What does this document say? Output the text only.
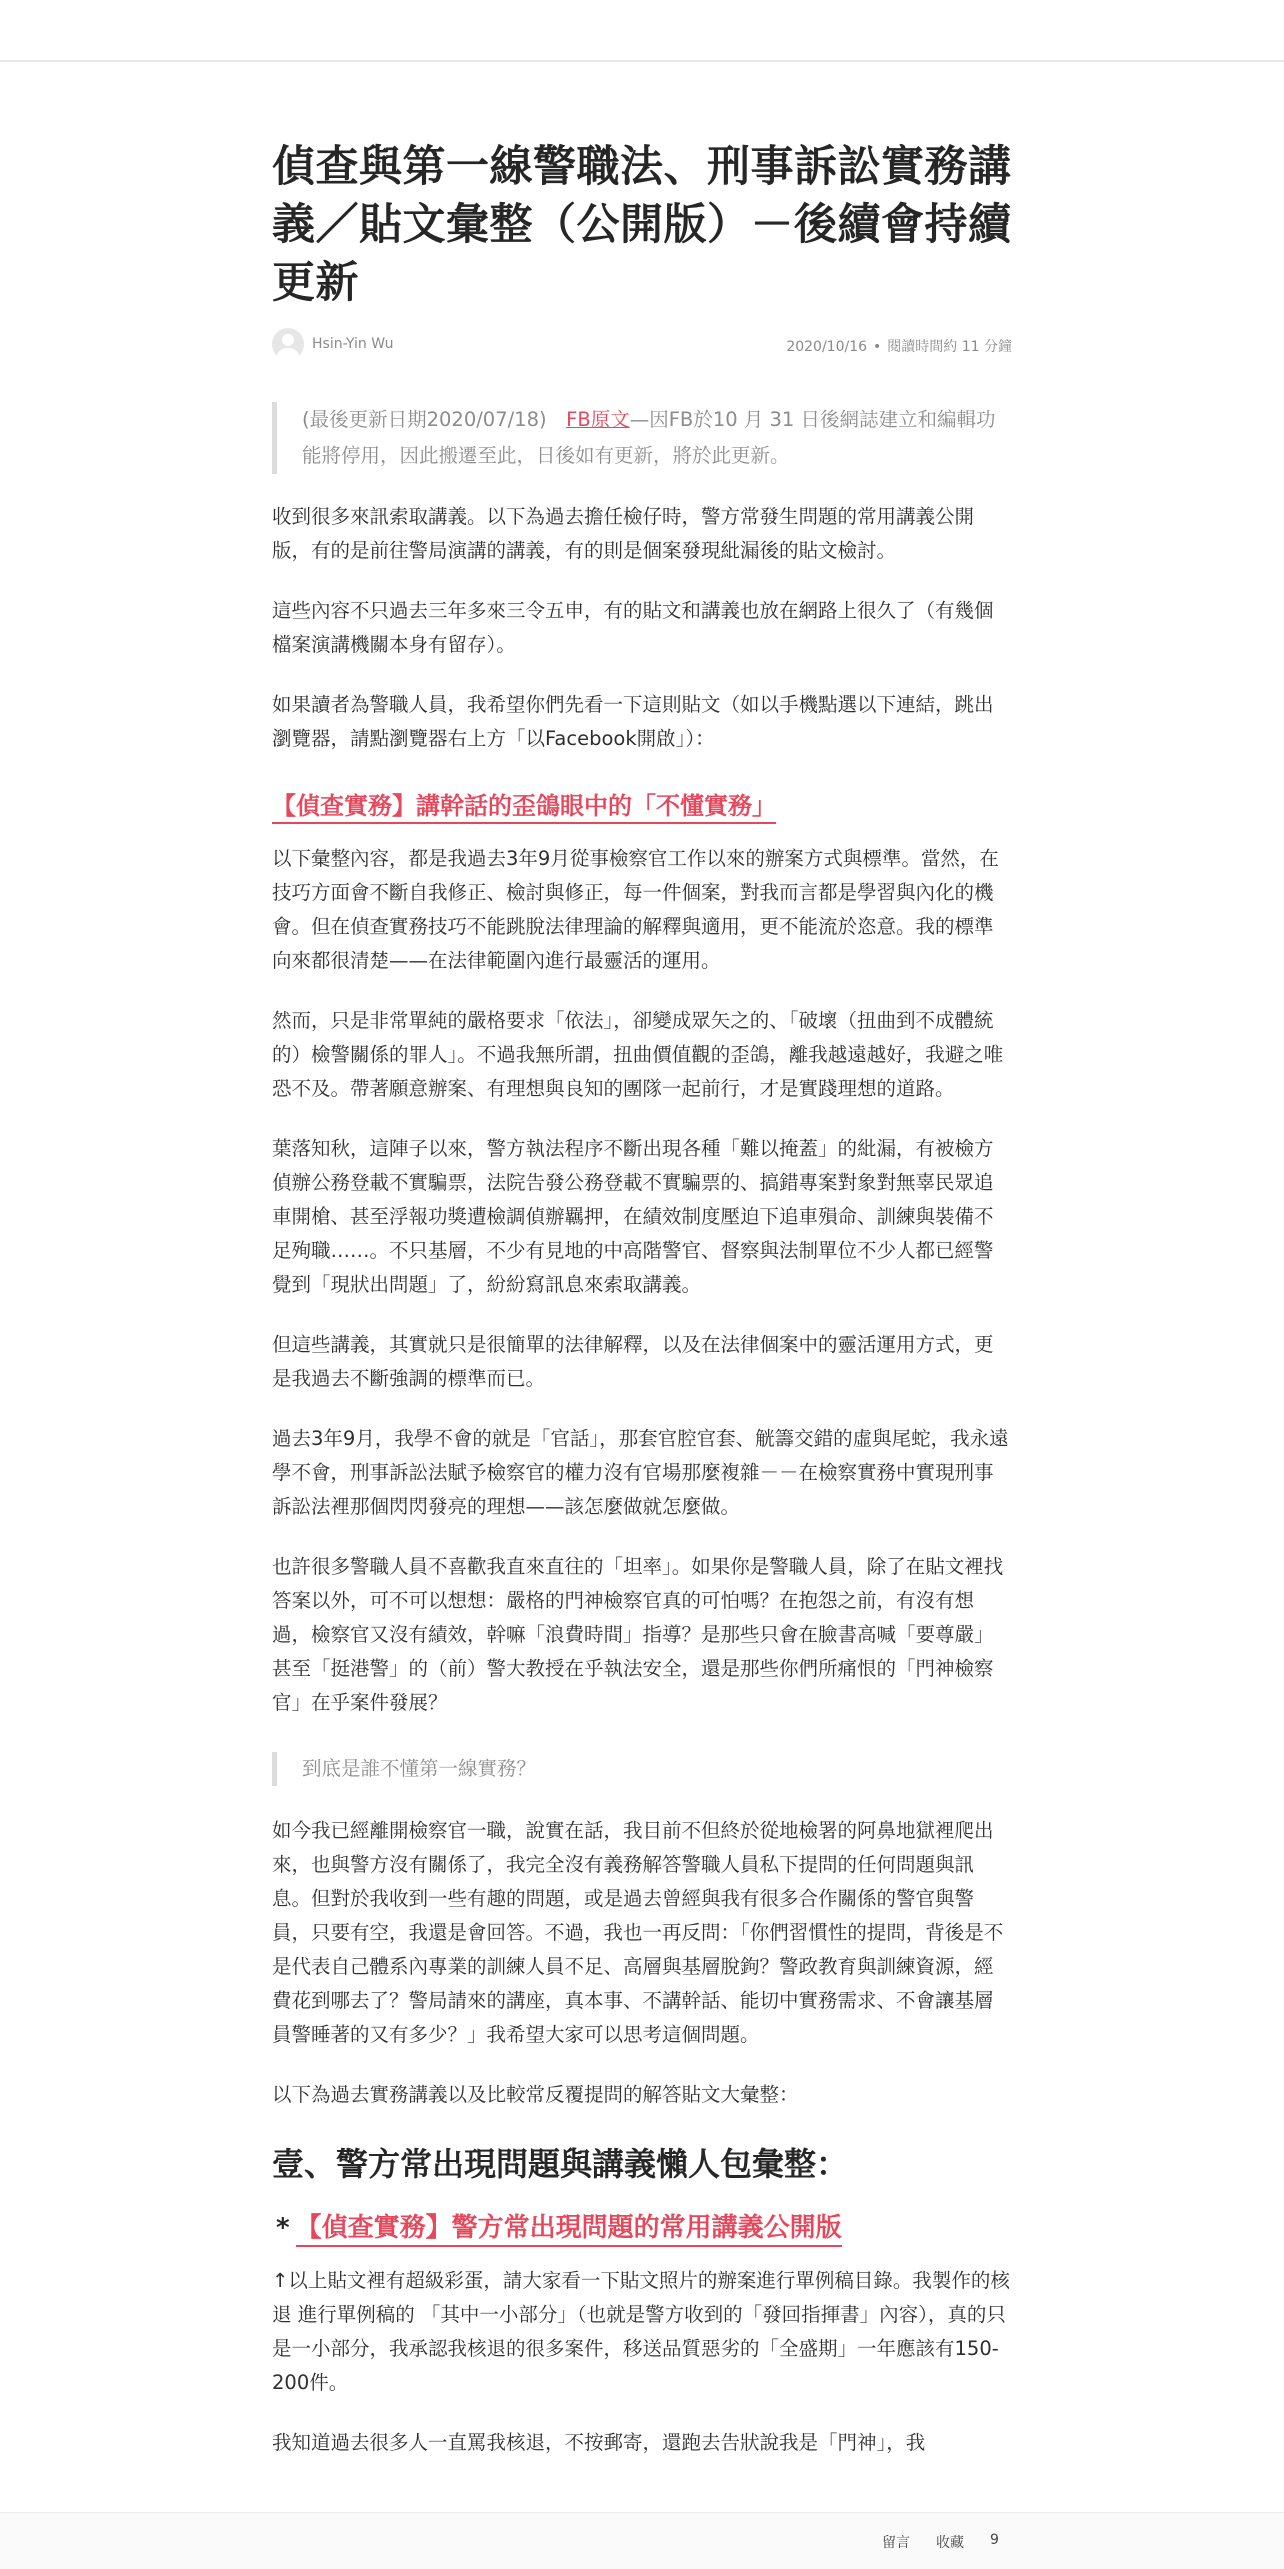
偵查與第一線警職法、刑事訴訟實務講義／貼文彙整（公開版）－後續會持續更新
Hsin-Yin Wu	2020/10/16 • 閱讀時間約 11 分鐘
(最後更新日期2020/07/18)　FB原文—因FB於10 月 31 日後網誌建立和編輯功能將停用，因此搬遷至此，日後如有更新，將於此更新。

收到很多來訊索取講義。以下為過去擔任檢仔時，警方常發生問題的常用講義公開版，有的是前往警局演講的講義，有的則是個案發現紕漏後的貼文檢討。

這些內容不只過去三年多來三令五申，有的貼文和講義也放在網路上很久了（有幾個檔案演講機關本身有留存）。

如果讀者為警職人員，我希望你們先看一下這則貼文（如以手機點選以下連結，跳出瀏覽器，請點瀏覽器右上方「以Facebook開啟」）：

【偵查實務】講幹話的歪鴿眼中的「不懂實務」

以下彙整內容，都是我過去3年9月從事檢察官工作以來的辦案方式與標準。當然，在技巧方面會不斷自我修正、檢討與修正，每一件個案，對我而言都是學習與內化的機會。但在偵查實務技巧不能跳脫法律理論的解釋與適用，更不能流於恣意。我的標準向來都很清楚——在法律範圍內進行最靈活的運用。

然而，只是非常單純的嚴格要求「依法」，卻變成眾矢之的、「破壞（扭曲到不成體統的）檢警關係的罪人」。不過我無所謂，扭曲價值觀的歪鴿，離我越遠越好，我避之唯恐不及。帶著願意辦案、有理想與良知的團隊一起前行，才是實踐理想的道路。

葉落知秋，這陣子以來，警方執法程序不斷出現各種「難以掩蓋」的紕漏，有被檢方偵辦公務登載不實騙票，法院告發公務登載不實騙票的、搞錯專案對象對無辜民眾追車開槍、甚至浮報功獎遭檢調偵辦羈押，在績效制度壓迫下追車殞命、訓練與裝備不足殉職……。不只基層，不少有見地的中高階警官、督察與法制單位不少人都已經警覺到「現狀出問題」了，紛紛寫訊息來索取講義。

但這些講義，其實就只是很簡單的法律解釋，以及在法律個案中的靈活運用方式，更是我過去不斷強調的標準而已。

過去3年9月，我學不會的就是「官話」，那套官腔官套、觥籌交錯的虛與尾蛇，我永遠學不會，刑事訴訟法賦予檢察官的權力沒有官場那麼複雜－－在檢察實務中實現刑事訴訟法裡那個閃閃發亮的理想——該怎麼做就怎麼做。

也許很多警職人員不喜歡我直來直往的「坦率」。如果你是警職人員，除了在貼文裡找答案以外，可不可以想想：嚴格的門神檢察官真的可怕嗎？在抱怨之前，有沒有想過，檢察官又沒有績效，幹嘛「浪費時間」指導？是那些只會在臉書高喊「要尊嚴」甚至「挺港警」的（前）警大教授在乎執法安全，還是那些你們所痛恨的「門神檢察官」在乎案件發展？

到底是誰不懂第一線實務？

如今我已經離開檢察官一職，說實在話，我目前不但終於從地檢署的阿鼻地獄裡爬出來，也與警方沒有關係了，我完全沒有義務解答警職人員私下提問的任何問題與訊息。但對於我收到一些有趣的問題，或是過去曾經與我有很多合作關係的警官與警員，只要有空，我還是會回答。不過，我也一再反問：「你們習慣性的提問，背後是不是代表自己體系內專業的訓練人員不足、高層與基層脫鉤？警政教育與訓練資源，經費花到哪去了？警局請來的講座，真本事、不講幹話、能切中實務需求、不會讓基層員警睡著的又有多少？」我希望大家可以思考這個問題。

以下為過去實務講義以及比較常反覆提問的解答貼文大彙整：

壹、警方常出現問題與講義懶人包彙整：
* 【偵查實務】警方常出現問題的常用講義公開版

↑以上貼文裡有超級彩蛋，請大家看一下貼文照片的辦案進行單例稿目錄。我製作的核退 進行單例稿的 「其中一小部分」（也就是警方收到的「發回指揮書」內容），真的只是一小部分，我承認我核退的很多案件，移送品質惡劣的「全盛期」一年應該有150-200件。

我知道過去很多人一直罵我核退，不按郵寄，還跑去告狀說我是「門神」，我

留言 收藏 9
